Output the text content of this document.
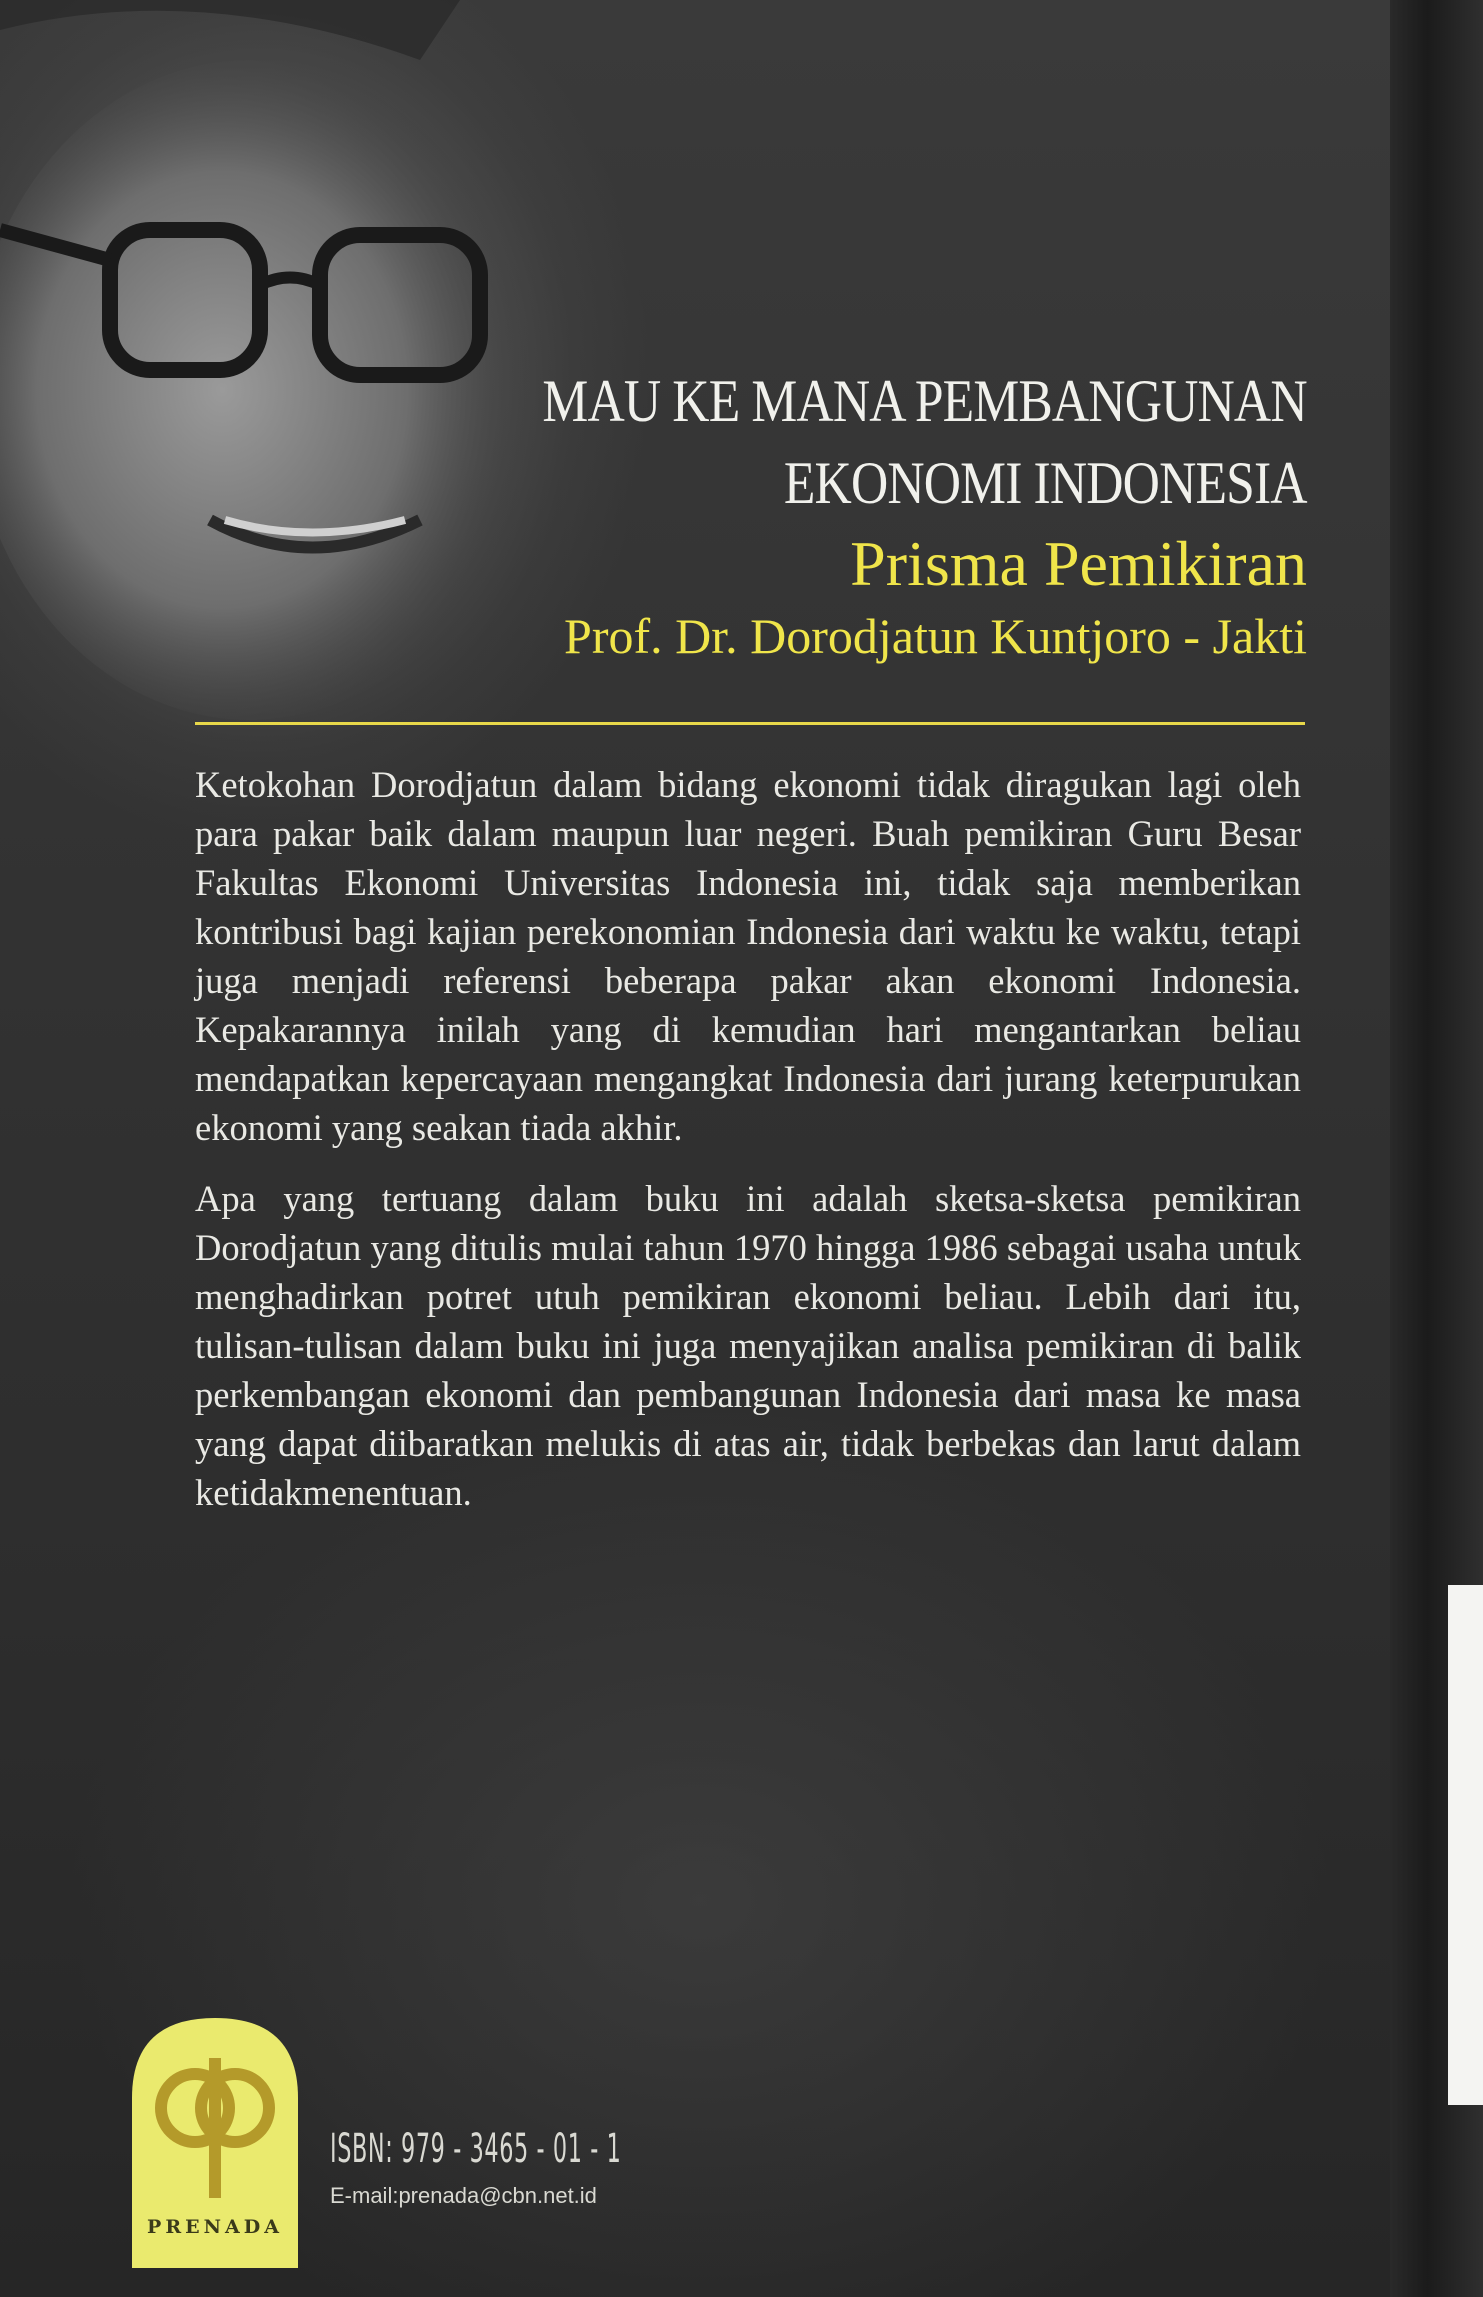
MAU KE MANA PEMBANGUNAN
EKONOMI INDONESIA
Prisma Pemikiran
Prof. Dr. Dorodjatun Kuntjoro - Jakti

Ketokohan Dorodjatun dalam bidang ekonomi tidak diragukan lagi oleh para pakar baik dalam maupun luar negeri. Buah pemikiran Guru Besar Fakultas Ekonomi Universitas Indonesia ini, tidak saja memberikan kontribusi bagi kajian perekonomian Indonesia dari waktu ke waktu, tetapi juga menjadi referensi beberapa pakar akan ekonomi Indonesia. Kepakarannya inilah yang di kemudian hari mengantarkan beliau mendapatkan kepercayaan mengangkat Indonesia dari jurang keterpurukan ekonomi yang seakan tiada akhir.

Apa yang tertuang dalam buku ini adalah sketsa-sketsa pemikiran Dorodjatun yang ditulis mulai tahun 1970 hingga 1986 sebagai usaha untuk menghadirkan potret utuh pemikiran ekonomi beliau. Lebih dari itu, tulisan-tulisan dalam buku ini juga menyajikan analisa pemikiran di balik perkembangan ekonomi dan pembangunan Indonesia dari masa ke masa yang dapat diibaratkan melukis di atas air, tidak berbekas dan larut dalam ketidakmenentuan.

PRENADA
ISBN: 979 - 3465 - 01 - 1
E-mail:prenada@cbn.net.id
